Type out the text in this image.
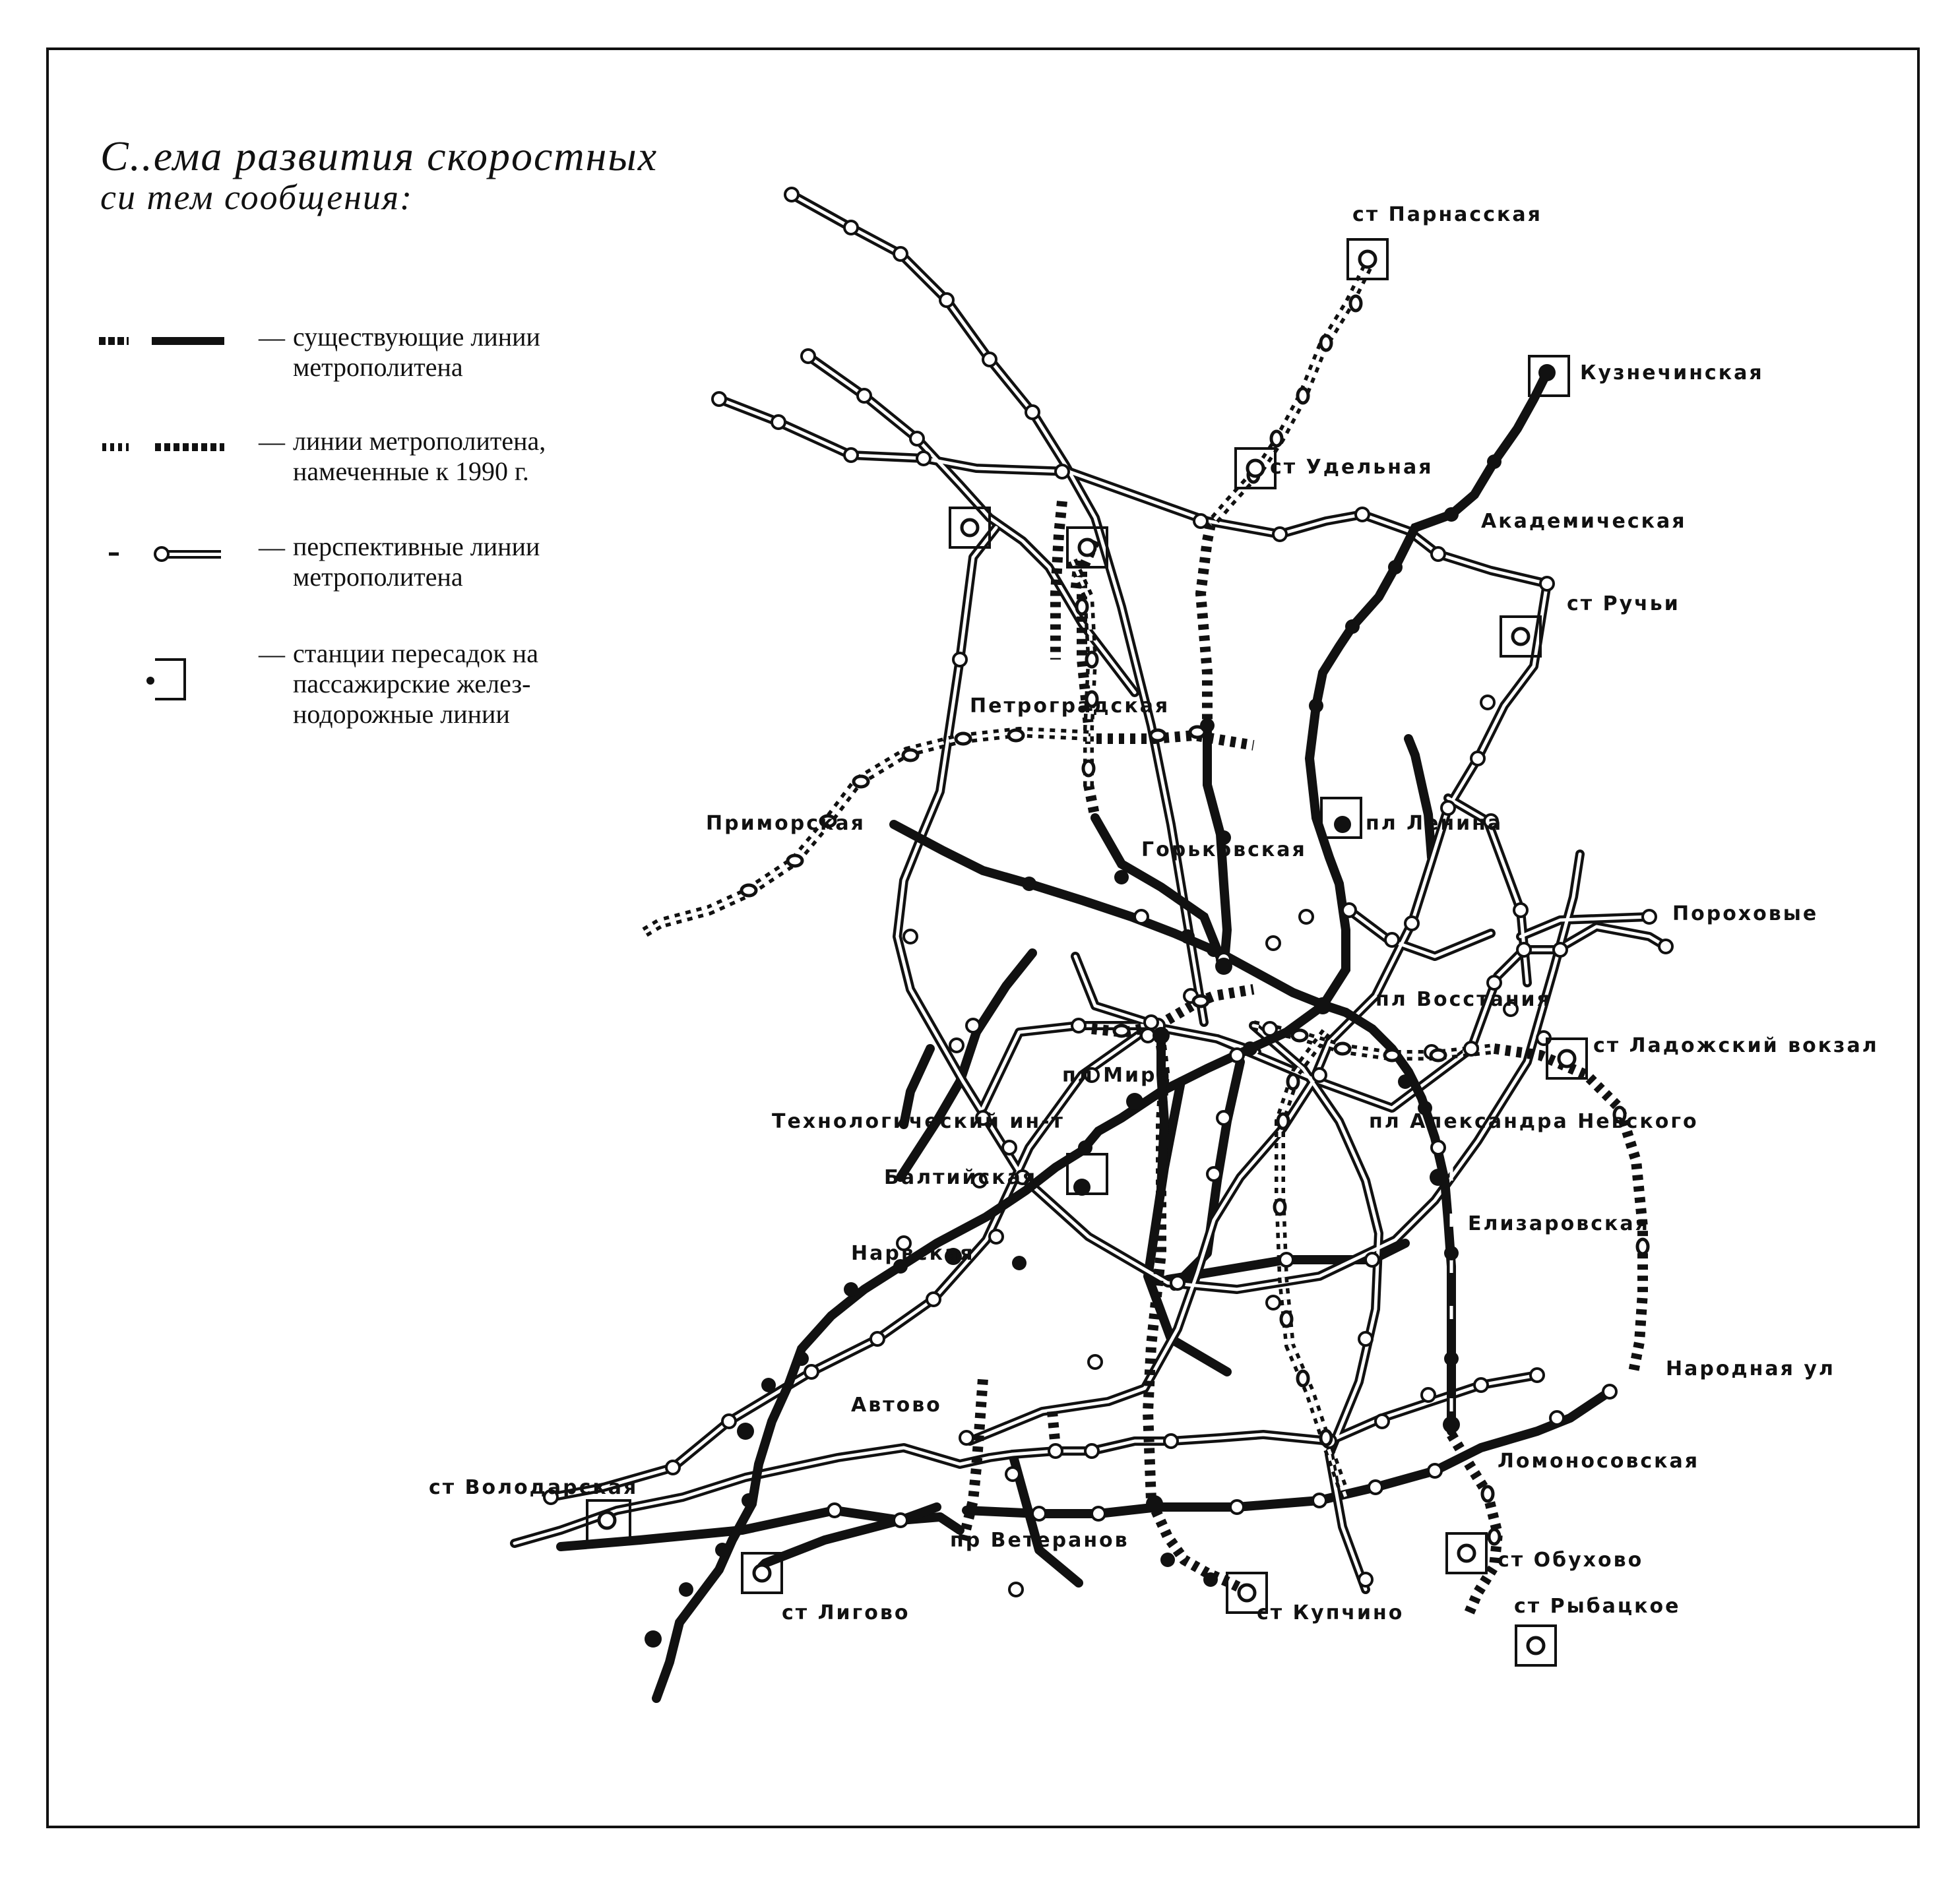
С..ема развития скоростных
си тем сообщения:
— существующие линии
метрополитена
— линии метрополитена,
намеченные к 1990 г.
— перспективные линии
метрополитена
— станции пересадок на
пассажирские желез-
нодорожные линии
ст Парнасская
Кузнечинская
ст Удельная
Академическая
ст Ручьи
Петроградская
Приморская	пл Ленина
Горьковская
Пороховые
пл Восстания
ст Ладожский вокзал
пл Мира
Технологический ин-т	пл Александра Невского
Балтийская
Елизаровская
Нарвская
Народная ул
Автово
Ломоносовская
ст Володарская
пр Ветеранов
ст Обухово
ст Рыбацкое
ст Лигово	ст Купчино
